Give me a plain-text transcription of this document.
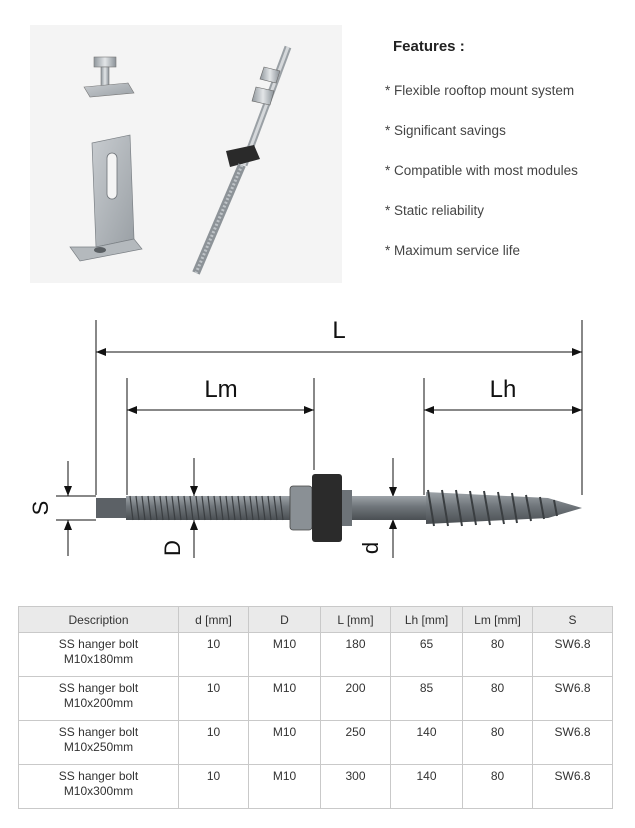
Features :
* Flexible rooftop mount system
* Significant savings
* Compatible with most modules
* Static reliability
* Maximum service life
L
Lm	Lh
S
D	d
Description	d [mm]	D	L [mm]	Lh [mm]	Lm [mm]	S
SS hanger bolt
M10x180mm	10	M10	180	65	80	SW6.8
SS hanger bolt
M10x200mm	10	M10	200	85	80	SW6.8
SS hanger bolt
M10x250mm	10	M10	250	140	80	SW6.8
SS hanger bolt
M10x300mm	10	M10	300	140	80	SW6.8
